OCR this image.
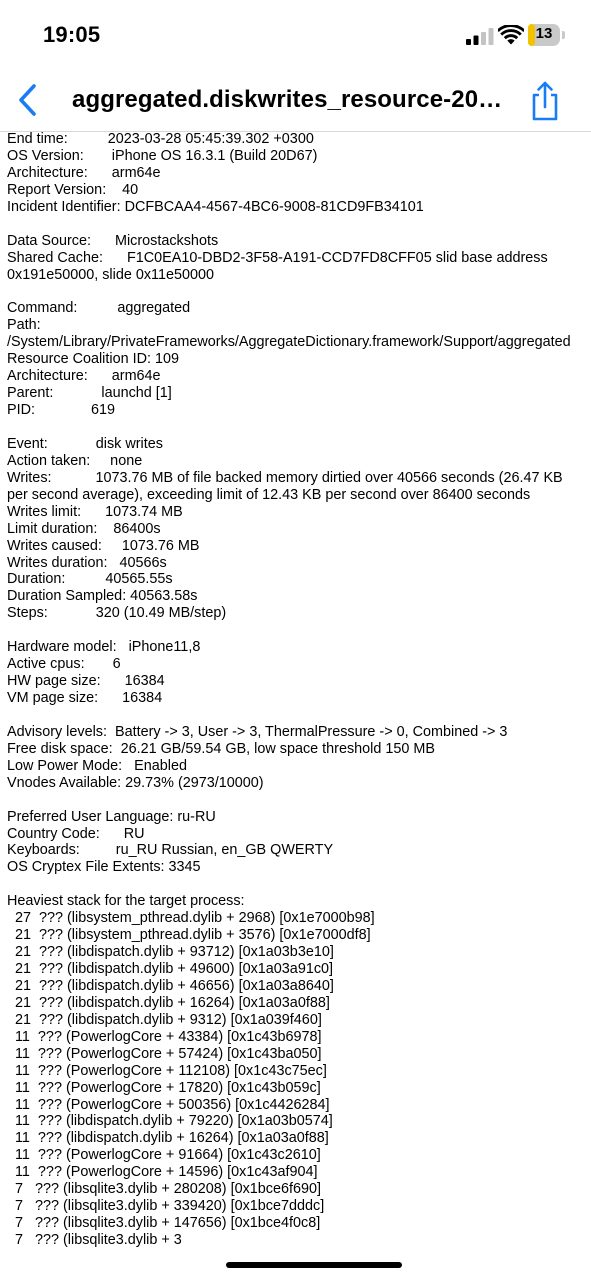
19:05	13
aggregated.diskwrites_resource-20…
End time:          2023-03-28 05:45:39.302 +0300
OS Version:       iPhone OS 16.3.1 (Build 20D67)
Architecture:      arm64e
Report Version:    40
Incident Identifier: DCFBCAA4-4567-4BC6-9008-81CD9FB34101
Data Source:      Microstackshots
Shared Cache:      F1C0EA10-DBD2-3F58-A191-CCD7FD8CFF05 slid base address 0x191e50000, slide 0x11e50000
Command:          aggregated
Path:             /System/Library/PrivateFrameworks/AggregateDictionary.framework/Support/aggregated
Resource Coalition ID: 109
Architecture:      arm64e
Parent:            launchd [1]
PID:              619
Event:            disk writes
Action taken:     none
Writes:           1073.76 MB of file backed memory dirtied over 40566 seconds (26.47 KB per second average), exceeding limit of 12.43 KB per second over 86400 seconds
Writes limit:      1073.74 MB
Limit duration:    86400s
Writes caused:     1073.76 MB
Writes duration:   40566s
Duration:          40565.55s
Duration Sampled: 40563.58s
Steps:            320 (10.49 MB/step)
Hardware model:   iPhone11,8
Active cpus:       6
HW page size:      16384
VM page size:      16384
Advisory levels:  Battery -> 3, User -> 3, ThermalPressure -> 0, Combined -> 3
Free disk space:  26.21 GB/59.54 GB, low space threshold 150 MB
Low Power Mode:   Enabled
Vnodes Available: 29.73% (2973/10000)
Preferred User Language: ru-RU
Country Code:      RU
Keyboards:         ru_RU Russian, en_GB QWERTY
OS Cryptex File Extents: 3345
Heaviest stack for the target process:
27  ??? (libsystem_pthread.dylib + 2968) [0x1e7000b98]
21  ??? (libsystem_pthread.dylib + 3576) [0x1e7000df8]
21  ??? (libdispatch.dylib + 93712) [0x1a03b3e10]
21  ??? (libdispatch.dylib + 49600) [0x1a03a91c0]
21  ??? (libdispatch.dylib + 46656) [0x1a03a8640]
21  ??? (libdispatch.dylib + 16264) [0x1a03a0f88]
21  ??? (libdispatch.dylib + 9312) [0x1a039f460]
11  ??? (PowerlogCore + 43384) [0x1c43b6978]
11  ??? (PowerlogCore + 57424) [0x1c43ba050]
11  ??? (PowerlogCore + 112108) [0x1c43c75ec]
11  ??? (PowerlogCore + 17820) [0x1c43b059c]
11  ??? (PowerlogCore + 500356) [0x1c4426284]
11  ??? (libdispatch.dylib + 79220) [0x1a03b0574]
11  ??? (libdispatch.dylib + 16264) [0x1a03a0f88]
11  ??? (PowerlogCore + 91664) [0x1c43c2610]
11  ??? (PowerlogCore + 14596) [0x1c43af904]
7   ??? (libsqlite3.dylib + 280208) [0x1bce6f690]
7   ??? (libsqlite3.dylib + 339420) [0x1bce7dddc]
7   ??? (libsqlite3.dylib + 147656) [0x1bce4f0c8]
7   ??? (libsqlite3.dylib + 3
